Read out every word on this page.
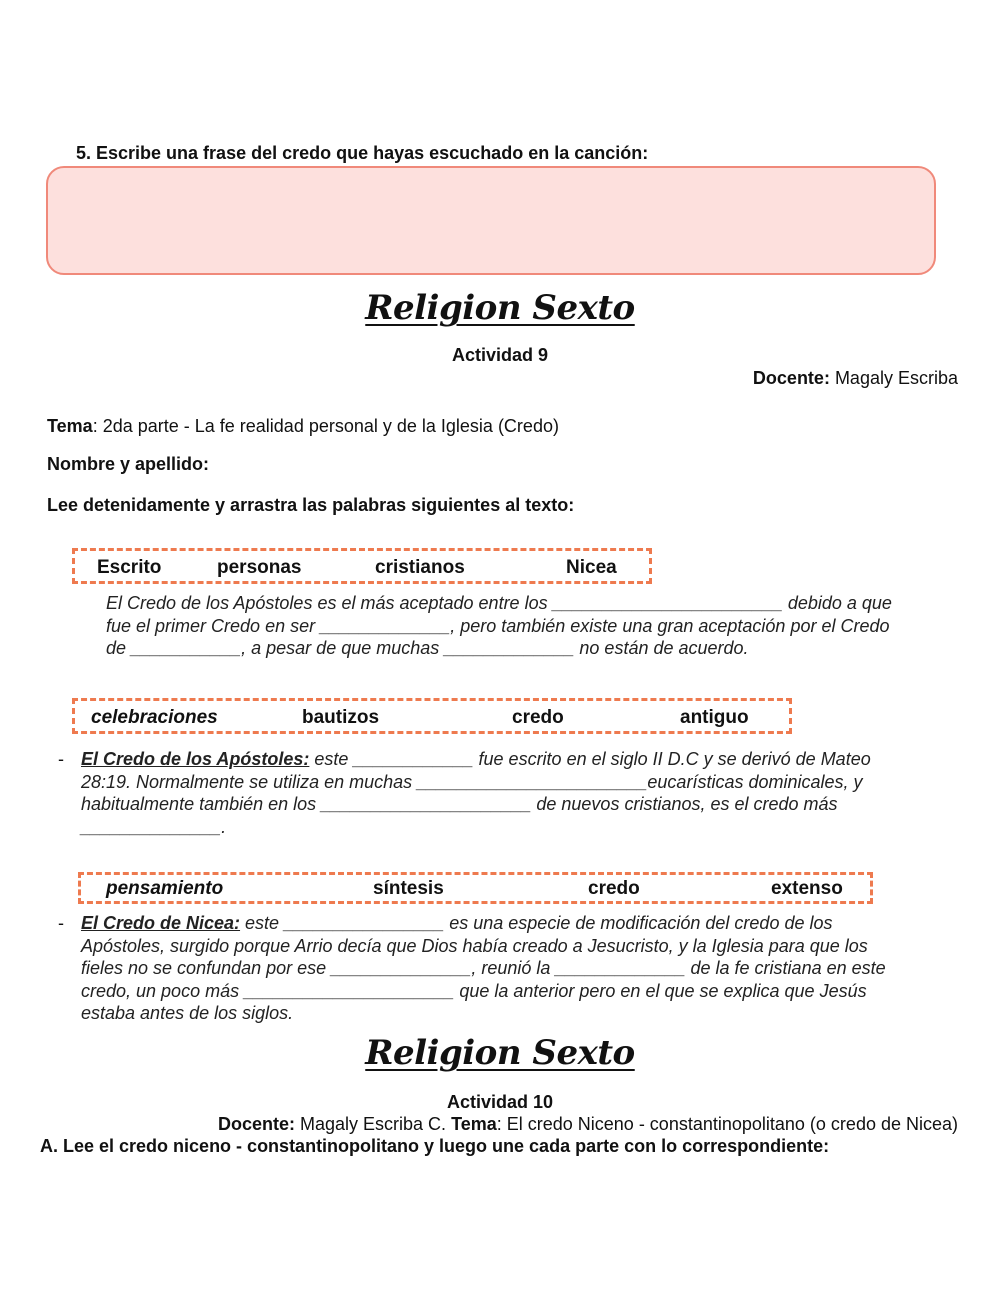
5. Escribe una frase del credo que hayas escuchado en la canción:
Religion Sexto
Actividad 9
Docente: Magaly Escriba
Tema: 2da parte - La fe realidad personal y de la Iglesia (Credo)
Nombre y apellido:
Lee detenidamente y arrastra las palabras siguientes al texto:
Escrito	personas	cristianos	Nicea
El Credo de los Apóstoles es el más aceptado entre los _______________________ debido a que
fue el primer Credo en ser _____________, pero también existe una gran aceptación por el Credo
de ___________, a pesar de que muchas _____________ no están de acuerdo.
celebraciones	bautizos	credo	antiguo
- El Credo de los Apóstoles: este ____________ fue escrito en el siglo II D.C y se derivó de Mateo
28:19. Normalmente se utiliza en muchas _______________________eucarísticas dominicales, y
habitualmente también en los _____________________ de nuevos cristianos, es el credo más
______________.
pensamiento	síntesis	credo	extenso
- El Credo de Nicea: este ________________ es una especie de modificación del credo de los
Apóstoles, surgido porque Arrio decía que Dios había creado a Jesucristo, y la Iglesia para que los
fieles no se confundan por ese ______________, reunió la _____________ de la fe cristiana en este
credo, un poco más _____________________ que la anterior pero en el que se explica que Jesús
estaba antes de los siglos.
Religion Sexto
Actividad 10
Docente: Magaly Escriba C. Tema: El credo Niceno - constantinopolitano (o credo de Nicea)
A. Lee el credo niceno - constantinopolitano y luego une cada parte con lo correspondiente:
